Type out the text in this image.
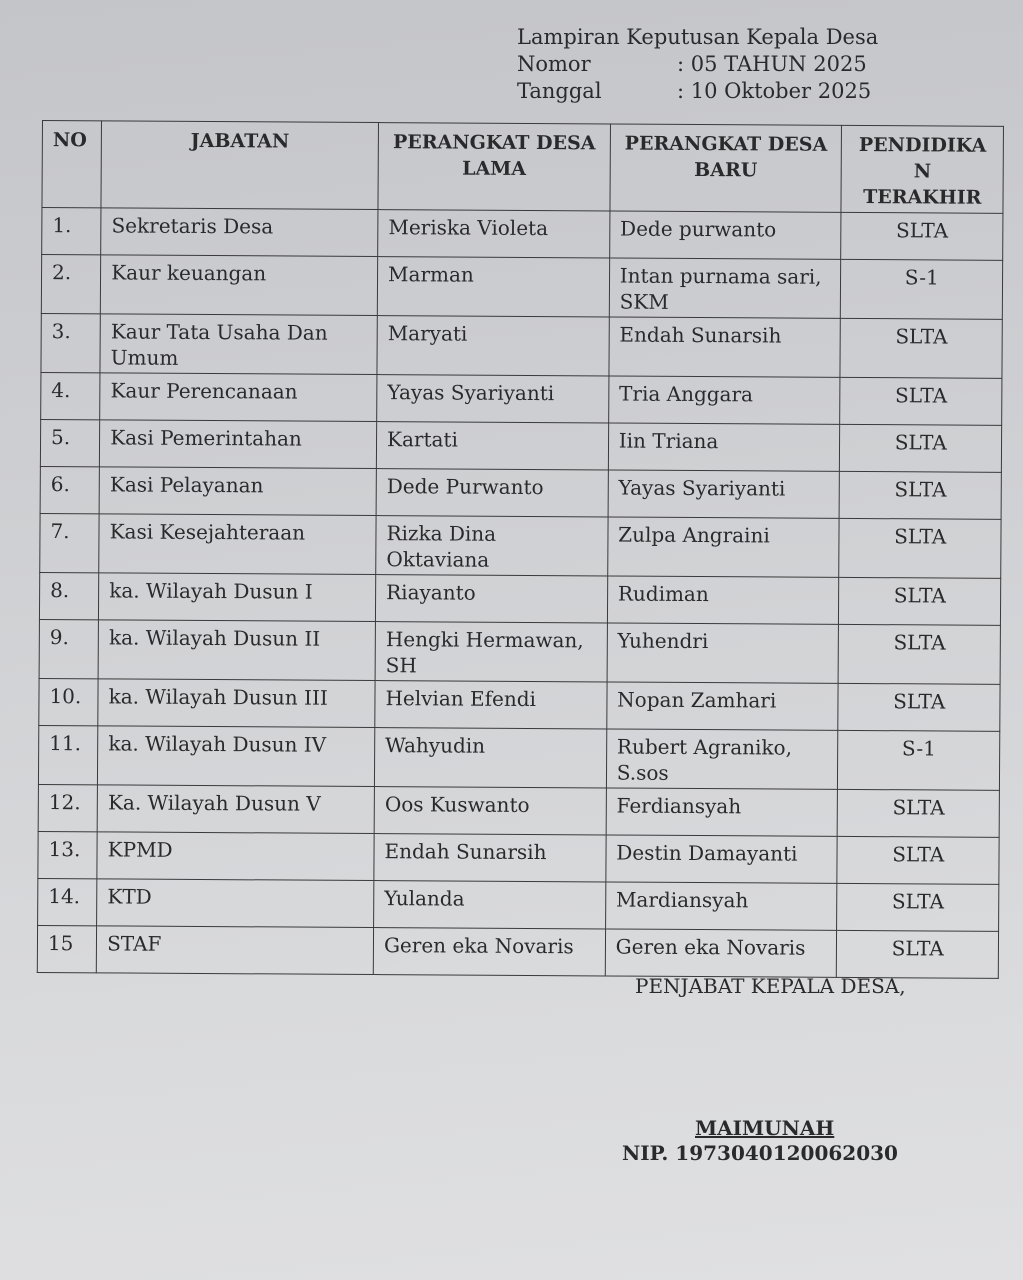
Lampiran Keputusan Kepala Desa
Nomor	: 05 TAHUN 2025
Tanggal	: 10 Oktober 2025
NO	JABATAN	PERANGKAT DESA LAMA	PERANGKAT DESA BARU	PENDIDIKA N TERAKHIR
1.	Sekretaris Desa	Meriska Violeta	Dede purwanto	SLTA
2.	Kaur keuangan	Marman	Intan purnama sari, SKM	S-1
3.	Kaur Tata Usaha Dan Umum	Maryati	Endah Sunarsih	SLTA
4.	Kaur Perencanaan	Yayas Syariyanti	Tria Anggara	SLTA
5.	Kasi Pemerintahan	Kartati	Iin Triana	SLTA
6.	Kasi Pelayanan	Dede Purwanto	Yayas Syariyanti	SLTA
7.	Kasi Kesejahteraan	Rizka Dina Oktaviana	Zulpa Angraini	SLTA
8.	ka. Wilayah Dusun I	Riayanto	Rudiman	SLTA
9.	ka. Wilayah Dusun II	Hengki Hermawan, SH	Yuhendri	SLTA
10.	ka. Wilayah Dusun III	Helvian Efendi	Nopan Zamhari	SLTA
11.	ka. Wilayah Dusun IV	Wahyudin	Rubert Agraniko, S.sos	S-1
12.	Ka. Wilayah Dusun V	Oos Kuswanto	Ferdiansyah	SLTA
13.	KPMD	Endah Sunarsih	Destin Damayanti	SLTA
14.	KTD	Yulanda	Mardiansyah	SLTA
15	STAF	Geren eka Novaris	Geren eka Novaris	SLTA
PENJABAT KEPALA DESA,
MAIMUNAH
NIP. 1973040120062030
